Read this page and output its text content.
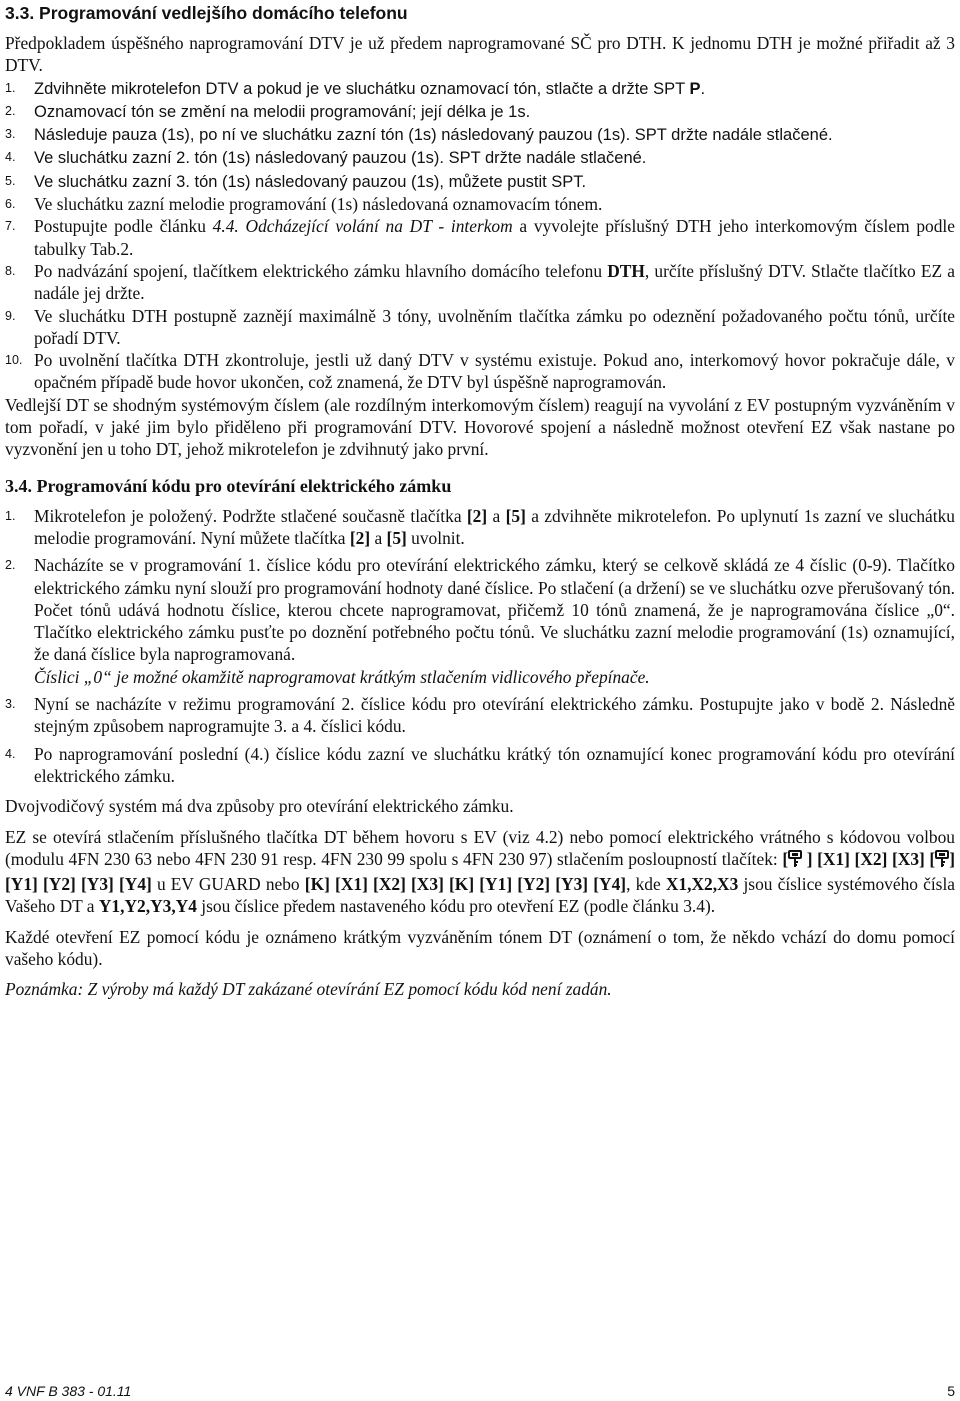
3.3. Programování vedlejšího domácího telefonu

Předpokladem úspěšného naprogramování DTV je už předem naprogramované SČ pro DTH. K jednomu DTH je možné přiřadit až 3 DTV.

1. Zdvihněte mikrotelefon DTV a pokud je ve sluchátku oznamovací tón, stlačte a držte SPT P.
2. Oznamovací tón se změní na melodii programování; její délka je 1s.
3. Následuje pauza (1s), po ní ve sluchátku zazní tón (1s) následovaný pauzou (1s). SPT držte nadále stlačené.
4. Ve sluchátku zazní 2. tón (1s) následovaný pauzou (1s). SPT držte nadále stlačené.
5. Ve sluchátku zazní 3. tón (1s) následovaný pauzou (1s), můžete pustit SPT.
6. Ve sluchátku zazní melodie programování (1s) následovaná oznamovacím tónem.
7. Postupujte podle článku 4.4. Odcházející volání na DT - interkom a vyvolejte příslušný DTH jeho interkomovým číslem podle tabulky Tab.2.
8. Po nadvázání spojení, tlačítkem elektrického zámku hlavního domácího telefonu DTH, určíte příslušný DTV. Stlačte tlačítko EZ a nadále jej držte.
9. Ve sluchátku DTH postupně zaznějí maximálně 3 tóny, uvolněním tlačítka zámku po odeznění požadovaného počtu tónů, určíte pořadí DTV.
10. Po uvolnění tlačítka DTH zkontroluje, jestli už daný DTV v systému existuje. Pokud ano, interkomový hovor pokračuje dále, v opačném případě bude hovor ukončen, což znamená, že DTV byl úspěšně naprogramován.

Vedlejší DT se shodným systémovým číslem (ale rozdílným interkomovým číslem) reagují na vyvolání z EV postupným vyzváněním v tom pořadí, v jaké jim bylo přiděleno při programování DTV. Hovorové spojení a následně možnost otevření EZ však nastane po vyzvonění jen u toho DT, jehož mikrotelefon je zdvihnutý jako první.

3.4. Programování kódu pro otevírání elektrického zámku
1. Mikrotelefon je položený. Podržte stlačené současně tlačítka [2] a [5] a zdvihněte mikrotelefon. Po uplynutí 1s zazní ve sluchátku melodie programování. Nyní můžete tlačítka [2] a [5] uvolnit.
2. Nacházíte se v programování 1. číslice kódu pro otevírání elektrického zámku, který se celkově skládá ze 4 číslic (0-9). Tlačítko elektrického zámku nyní slouží pro programování hodnoty dané číslice. Po stlačení (a držení) se ve sluchátku ozve přerušovaný tón. Počet tónů udává hodnotu číslice, kterou chcete naprogramovat, přičemž 10 tónů znamená, že je naprogramována číslice „0“. Tlačítko elektrického zámku pusťte po doznění potřebného počtu tónů. Ve sluchátku zazní melodie programování (1s) oznamující, že daná číslice byla naprogramovaná.
Číslici „0“ je možné okamžitě naprogramovat krátkým stlačením vidlicového přepínače.
3. Nyní se nacházíte v režimu programování 2. číslice kódu pro otevírání elektrického zámku. Postupujte jako v bodě 2. Následně stejným způsobem naprogramujte 3. a 4. číslici kódu.
4. Po naprogramování poslední (4.) číslice kódu zazní ve sluchátku krátký tón oznamující konec programování kódu pro otevírání elektrického zámku.

Dvojvodičový systém má dva způsoby pro otevírání elektrického zámku.

EZ se otevírá stlačením příslušného tlačítka DT během hovoru s EV (viz 4.2) nebo pomocí elektrického vrátného s kódovou volbou (modulu 4FN 230 63 nebo 4FN 230 91 resp. 4FN 230 99 spolu s 4FN 230 97) stlačením posloupností tlačítek: [ ] [X1] [X2] [X3] [ ] [Y1] [Y2] [Y3] [Y4] u EV GUARD nebo [K] [X1] [X2] [X3] [K] [Y1] [Y2] [Y3] [Y4], kde X1,X2,X3 jsou číslice systémového čísla Vašeho DT a Y1,Y2,Y3,Y4 jsou číslice předem nastaveného kódu pro otevření EZ (podle článku 3.4).

Každé otevření EZ pomocí kódu je oznámeno krátkým vyzváněním tónem DT (oznámení o tom, že někdo vchází do domu pomocí vašeho kódu).

Poznámka: Z výroby má každý DT zakázané otevírání EZ pomocí kódu kód není zadán.

4 VNF B 383 - 01.11	5
